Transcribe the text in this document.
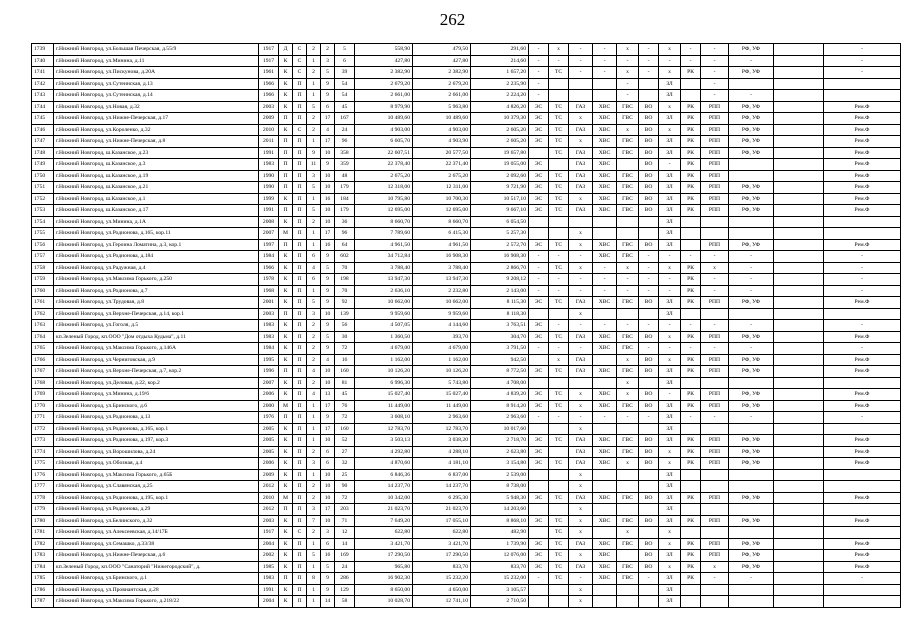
262
1739	г.Нижний Новгород, ул.Большая Печерская, д.55/9	1917	Д	С	2	2	5	558,90	479,50	291,60	-	х	-	-	х	-	х	-	-	РФ, УФ		-
1740	г.Нижний Новгород, ул.Минина, д.11	1917	К	С	1	3	6	427,80	427,80	214,60	-	-	-	-	-	-	-	-	-	-		-
1741	г.Нижний Новгород, ул.Пискунова, д.20А	1961	К	С	2	5	39	2 382,90	2 382,90	1 657,20	-	ТС	-	-	х	-	х	РК	-	РФ, УФ		-
1742	г.Нижний Новгород, ул.Сутеинская, д.13	1966	К	П	1	9	54	2 679,20	2 679,20	2 235,90	-				-		ЗЛ		-			
1743	г.Нижний Новгород, ул.Сутеинская, д.14	1966	К	П	1	9	54	2 661,00	2 661,00	2 224,20	-				-		ЗЛ		-	-		
1744	г.Нижний Новгород, ул.Новая, д.32	2003	К	П	5	6	45	8 979,90	5 963,80	4 826,20	ЭС	ТС	ГАЗ	ХВС	ГВС	ВО	х	РК	РПП	РФ, УФ		Рем.Ф
1745	г.Нижний Новгород, ул.Нижне-Печерская, д.17	2009	П	П	2	17	167	10 489,60	10 489,60	10 379,30	ЭС	ТС	х	ХВС	ГВС	ВО	ЗЛ	РК	РПП	РФ, УФ		Рем.Ф
1746	г.Нижний Новгород, ул.Короленко, д.32	2010	К	С	2	4	24	4 903,00	4 903,00	2 605,20	ЭС	ТС	ГАЗ	ХВС	х	ВО	х	РК	РПП	РФ, УФ		Рем.Ф
1747	г.Нижний Новгород, ул.Нижне-Печерская, д.8	2011	П	П	1	17	96	6 605,70	4 903,90	2 605,20	ЭС	ТС	х	ХВС	ГВС	ВО	ЗЛ	РК	РПП	РФ, УФ		Рем.Ф
1748	г.Нижний Новгород, ш.Казанское, д.23	1991	П	П	9	10	358	22 607,51	20 577,50	19 657,80		ТС	ГАЗ	ХВС	ГВС	ВО	ЗЛ	РК	РПП	РФ, УФ		Рем.Ф
1749	г.Нижний Новгород, ш.Казанское, д.3	1983	П	П	11	9	359	22 378,40	22 371,40	19 055,00	ЭС		ГАЗ	ХВС		ВО	-	РК	РПП			Рем.Ф
1750	г.Нижний Новгород, ш.Казанское, д.19	1990	П	П	3	10	48	2 675,20	2 675,20	2 092,60	ЭС	ТС	ГАЗ	ХВС	ГВС	ВО	ЗЛ	РК	РПП			Рем.Ф
1751	г.Нижний Новгород, ш.Казанское, д.21	1990	П	П	5	10	179	12 318,00	12 311,00	9 721,90	ЭС	ТС	ГАЗ	ХВС	ГВС	ВО	ЗЛ	РК	РПП	РФ, УФ		Рем.Ф
1752	г.Нижний Новгород, ш.Казанское, д.1	1999	К	П	1	16	184	10 795,80	10 700,30	10 517,10	ЭС	ТС	х	ХВС	ГВС	ВО	ЗЛ	РК	РПП	РФ, УФ		Рем.Ф
1753	г.Нижний Новгород, ш.Казанское, д.17	1991	П	П	5	10	179	12 695,00	12 695,00	9 667,10	ЭС	ТС	ГАЗ	ХВС	ГВС	ВО	ЗЛ	РК	РПП	РФ, УФ		Рем.Ф
1754	г.Нижний Новгород, ул.Минина, д.1А	2008	К	П	2	10	36	8 660,70	8 660,70	6 054,50							ЗЛ					
1755	г.Нижний Новгород, ул.Родионова, д.165, кор.11	2007	М	П	1	17	96	7 789,60	6 415,30	5 257,30			х				ЗЛ					
1756	г.Нижний Новгород, ул.Героина Ломатина, д.3, кор.1	1997	П	П	1	16	64	4 961,50	4 961,50	2 572,70	ЭС	ТС	х	ХВС	ГВС	ВО	ЗЛ		РПП	РФ, УФ		Рем.Ф
1757	г.Нижний Новгород, ул.Родионова, д.184	1984	К	П	6	9	602	34 712,84	16 908,30	16 908,30	-	-	-	ХВС	ГВС	-	-	-	-	-		-
1758	г.Нижний Новгород, ул.Радужная, д.4	1966	К	П	4	5	70	3 788,40	3 788,40	2 866,70	-	ТС	х	-	х	-	х	РК	х	-		-
1759	г.Нижний Новгород, ул.Максима Горького, д.250	1978	К	П	6	9	198	13 947,30	13 947,30	9 208,12	-	-	-	-	-	-	-	РК	-	-		-
1760	г.Нижний Новгород, ул.Родионова, д.7	1968	К	П	1	9	70	2 636,10	2 232,80	2 143,00	-	-	-	-	-	-	-	РК	-	-		-
1761	г.Нижний Новгород, ул.Трудовая, д.8	2001	К	П	5	9	92	10 662,00	10 662,00	8 115,30	ЭС	ТС	ГАЗ	ХВС	ГВС	ВО	ЗЛ	РК	РПП	РФ, УФ		Рем.Ф
1762	г.Нижний Новгород, ул.Верхне-Печерская, д.14, кор.1	2003	П	П	3	10	139	9 959,60	9 959,60	8 118,30			х				ЗЛ					
1763	г.Нижний Новгород, ул.Гоголя, д.5	1983	К	П	2	9	56	4 507,05	4 144,60	3 763,51	ЭС	-	-	-	-	-	-	-	-	-		-
1764	кп.Зеленый Город, кп.ООО "Дом отдыха Кудьма", д.11	1983	К	П	2	5	30	1 360,50	393,70	304,70	ЭС	ТС	ГАЗ	ХВС	ГВС	ВО	х	РК	РПП	РФ, УФ		Рем.Ф
1765	г.Нижний Новгород, ул.Максима Горького, д.146А	1984	К	П	2	9	72	4 679,00	4 679,00	3 791,50	-	-	-	ХВС	ГВС	-	-	-	-	-		-
1766	г.Нижний Новгород, ул.Черниговская, д.9	1995	К	П	2	4	16	1 162,00	1 162,00	942,50		х	ГАЗ		х	ВО	х	РК	РПП	РФ, УФ		Рем.Ф
1767	г.Нижний Новгород, ул.Верхне-Печерская, д.7, кор.2	1996	П	П	4	10	160	10 126,20	10 126,20	8 772,50	ЭС	ТС	ГАЗ	ХВС	ГВС	ВО	ЗЛ	РК	РПП	РФ, УФ		Рем.Ф
1768	г.Нижний Новгород, ул.Деловая, д.22, кор.2	2007	К	П	2	10	81	6 996,30	5 743,80	4 708,00					х		ЗЛ					
1769	г.Нижний Новгород, ул.Минина, д.19/6	2006	К	П	4	13	45	15 027,40	15 027,40	4 839,20	ЭС	ТС	х	ХВС	х	ВО	-	РК	РПП	РФ, УФ		Рем.Ф
1770	г.Нижний Новгород, ул.Бринского, д.6	2000	М	П	1	17	76	11 449,00	11 449,00	8 914,20	ЭС	ТС	х	ХВС	ГВС	ВО	ЗЛ	РК	РПП	РФ, УФ		Рем.Ф
1771	г.Нижний Новгород, ул.Родионова, д.13	1976	П	П	1	9	72	3 608,10	2 963,60	2 963,60	-	-	-	-	-	-	ЗЛ	-	-	-		-
1772	г.Нижний Новгород, ул.Родионова, д.165, кор.1	2005	К	П	1	17	160	12 783,70	12 783,70	10 017,60			х				ЗЛ					
1773	г.Нижний Новгород, ул.Родионова, д.197, кор.3	2005	К	П	1	10	52	3 503,13	3 038,20	2 718,70	ЭС	ТС	ГАЗ	ХВС	ГВС	ВО	ЗЛ	РК	РПП	РФ, УФ		Рем.Ф
1774	г.Нижний Новгород, ул.Ворошилова, д.24	2005	К	П	2	6	27	4 292,80	4 288,10	2 623,80	ЭС		ГАЗ	ХВС	ГВС	ВО	х	РК	РПП	РФ, УФ		Рем.Ф
1775	г.Нижний Новгород, ул.Обозная, д.4	2006	К	П	3	6	32	4 870,60	4 181,10	3 154,80	ЭС	ТС	ГАЗ	ХВС	х	ВО	х	РК	РПП	РФ, УФ		Рем.Ф
1776	г.Нижний Новгород, ул.Максима Горького, д.65Б	2009	К	П	1	10	25	6 846,36	6 837,00	2 539,00			х				ЗЛ					
1777	г.Нижний Новгород, ул.Славянская, д.25	2012	К	П	2	10	90	14 237,70	14 237,70	8 738,00			х				ЗЛ					
1778	г.Нижний Новгород, ул.Родионова, д.195, кор.1	2010	М	П	2	10	72	10 342,00	6 295,30	5 948,30	ЭС	ТС	ГАЗ	ХВС	ГВС	ВО	ЗЛ	РК	РПП	РФ, УФ		Рем.Ф
1779	г.Нижний Новгород, ул.Родионова, д.29	2012	П	П	3	17	203	21 023,70	21 023,70	14 203,60			х				ЗЛ					
1780	г.Нижний Новгород, ул.Белинского, д.32	2003	К	П	7	10	71	7 649,20	17 055,10	8 868,10	ЭС	ТС	х	ХВС	ГВС	ВО	ЗЛ	РК	РПП	РФ, УФ		Рем.Ф
1781	г.Нижний Новгород, ул.Алексеевская, д.14/17Б	1917	К	С	2	3	12	622,80	622,80	482,90		ТС	х		х		х					
1782	г.Нижний Новгород, ул.Семашко, д.33/38	2004	К	П	1	6	14	3 421,70	3 421,70	1 739,90	ЭС	ТС	ГАЗ	ХВС	ГВС	ВО	х	РК	РПП	РФ, УФ		Рем.Ф
1783	г.Нижний Новгород, ул.Нижне-Печерская, д.6	2002	К	П	5	16	169	17 290,50	17 290,50	12 076,00	ЭС	ТС	х	ХВС		ВО	ЗЛ	РК	РПП	РФ, УФ		Рем.Ф
1784	кп.Зеленый Город, кп.ООО "Санаторий "Нижегородский", д.	1985	К	П	1	5	24	965,80	833,70	833,70	ЭС	ТС	ГАЗ	ХВС	ГВС	ВО	х	РК	х	РФ, УФ		Рем.Ф
1785	г.Нижний Новгород, ул.Бринского, д.1	1983	П	П	8	9	286	16 902,30	15 232,20	15 232,00	-	ТС	-	ХВС	ГВС	-	ЗЛ	РК	-	-		-
1786	г.Нижний Новгород, ул.Провиантская, д.28	1991	К	П	1	9	129	8 650,00	4 650,00	3 105,57			х				ЗЛ					
1787	г.Нижний Новгород, ул.Максима Горького, д.218/22	2004	К	П	1	14	58	10 028,70	12 741,10	2 710,50			х				ЗЛ					
